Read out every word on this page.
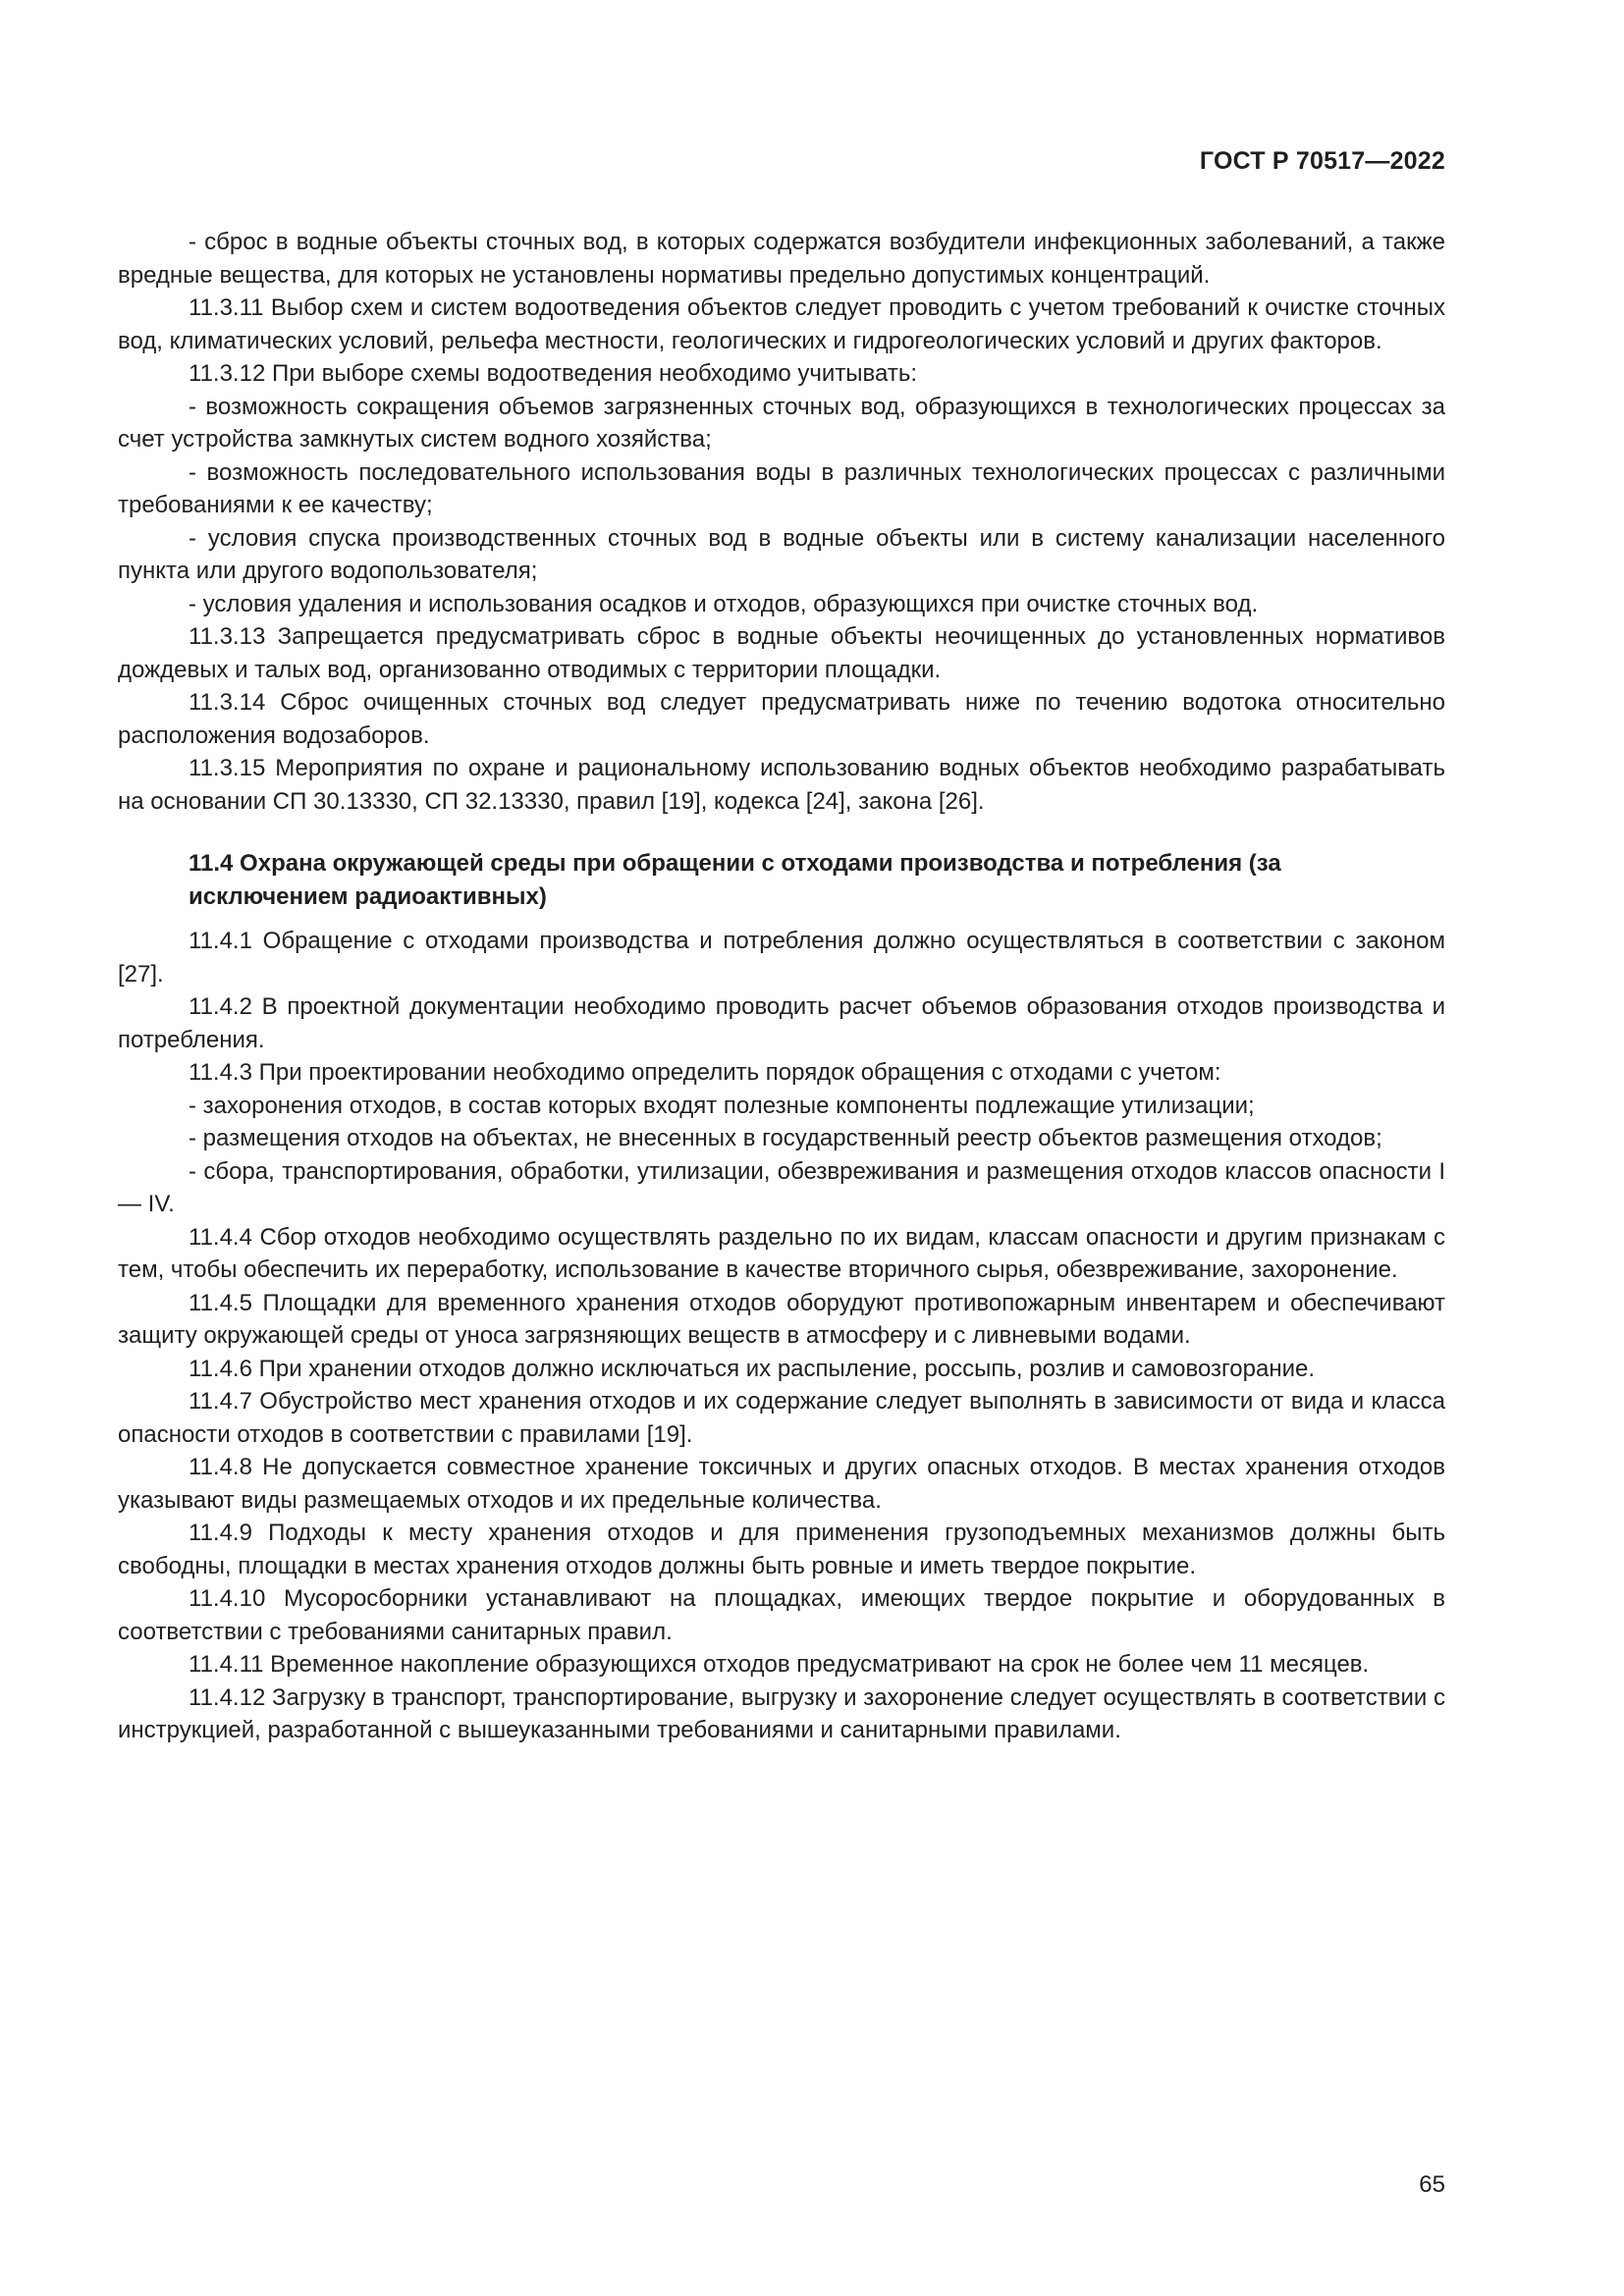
ГОСТ Р 70517—2022

- сброс в водные объекты сточных вод, в которых содержатся возбудители инфекционных заболеваний, а также вредные вещества, для которых не установлены нормативы предельно допустимых концентраций.

11.3.11 Выбор схем и систем водоотведения объектов следует проводить с учетом требований к очистке сточных вод, климатических условий, рельефа местности, геологических и гидрогеологических условий и других факторов.

11.3.12 При выборе схемы водоотведения необходимо учитывать:

- возможность сокращения объемов загрязненных сточных вод, образующихся в технологических процессах за счет устройства замкнутых систем водного хозяйства;

- возможность последовательного использования воды в различных технологических процессах с различными требованиями к ее качеству;

- условия спуска производственных сточных вод в водные объекты или в систему канализации населенного пункта или другого водопользователя;

- условия удаления и использования осадков и отходов, образующихся при очистке сточных вод.

11.3.13 Запрещается предусматривать сброс в водные объекты неочищенных до установленных нормативов дождевых и талых вод, организованно отводимых с территории площадки.

11.3.14 Сброс очищенных сточных вод следует предусматривать ниже по течению водотока относительно расположения водозаборов.

11.3.15 Мероприятия по охране и рациональному использованию водных объектов необходимо разрабатывать на основании СП 30.13330, СП 32.13330, правил [19], кодекса [24], закона [26].

11.4 Охрана окружающей среды при обращении с отходами производства и потребления (за исключением радиоактивных)

11.4.1 Обращение с отходами производства и потребления должно осуществляться в соответствии с законом [27].

11.4.2 В проектной документации необходимо проводить расчет объемов образования отходов производства и потребления.

11.4.3 При проектировании необходимо определить порядок обращения с отходами с учетом:

- захоронения отходов, в состав которых входят полезные компоненты подлежащие утилизации;

- размещения отходов на объектах, не внесенных в государственный реестр объектов размещения отходов;

- сбора, транспортирования, обработки, утилизации, обезвреживания и размещения отходов классов опасности I — IV.

11.4.4 Сбор отходов необходимо осуществлять раздельно по их видам, классам опасности и другим признакам с тем, чтобы обеспечить их переработку, использование в качестве вторичного сырья, обезвреживание, захоронение.

11.4.5 Площадки для временного хранения отходов оборудуют противопожарным инвентарем и обеспечивают защиту окружающей среды от уноса загрязняющих веществ в атмосферу и с ливневыми водами.

11.4.6 При хранении отходов должно исключаться их распыление, россыпь, розлив и самовозгорание.

11.4.7 Обустройство мест хранения отходов и их содержание следует выполнять в зависимости от вида и класса опасности отходов в соответствии с правилами [19].

11.4.8 Не допускается совместное хранение токсичных и других опасных отходов. В местах хранения отходов указывают виды размещаемых отходов и их предельные количества.

11.4.9 Подходы к месту хранения отходов и для применения грузоподъемных механизмов должны быть свободны, площадки в местах хранения отходов должны быть ровные и иметь твердое покрытие.

11.4.10 Мусоросборники устанавливают на площадках, имеющих твердое покрытие и оборудованных в соответствии с требованиями санитарных правил.

11.4.11 Временное накопление образующихся отходов предусматривают на срок не более чем 11 месяцев.

11.4.12 Загрузку в транспорт, транспортирование, выгрузку и захоронение следует осуществлять в соответствии с инструкцией, разработанной с вышеуказанными требованиями и санитарными правилами.

65
